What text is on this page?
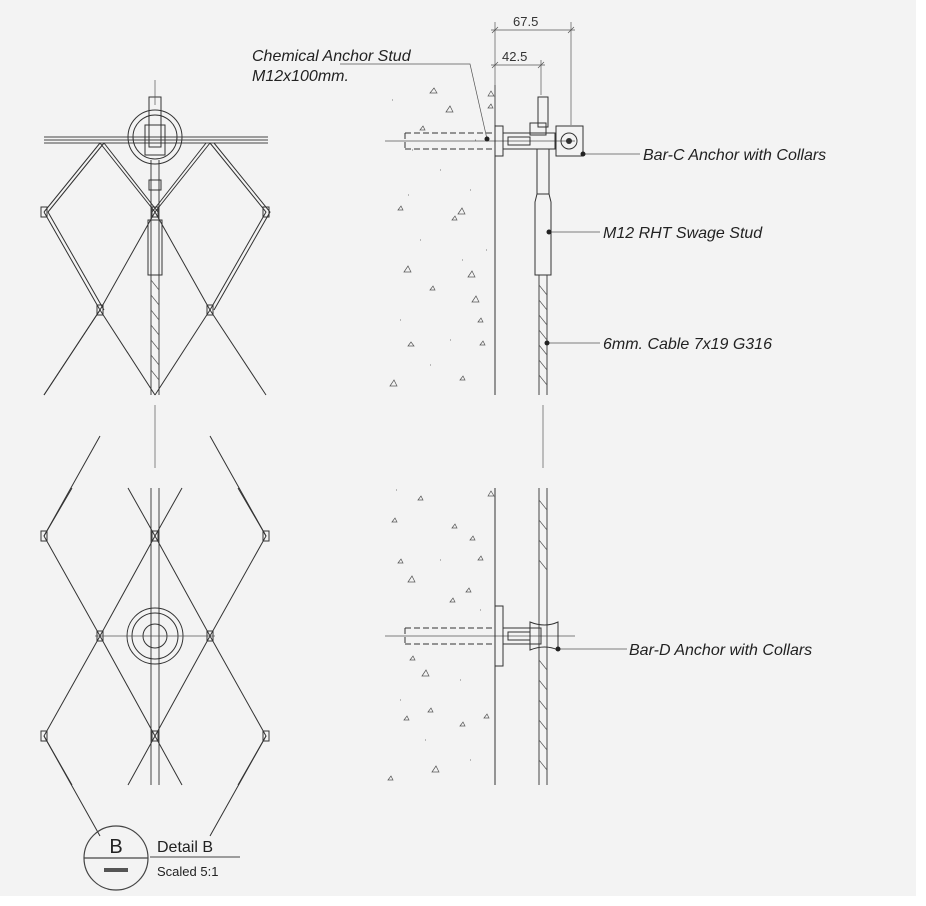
67.5
42.5
Chemical Anchor Stud
M12x100mm.
Bar-C Anchor with Collars
M12 RHT Swage Stud
6mm. Cable 7x19 G316
Bar-D Anchor with Collars
B Detail B
Scaled 5:1
